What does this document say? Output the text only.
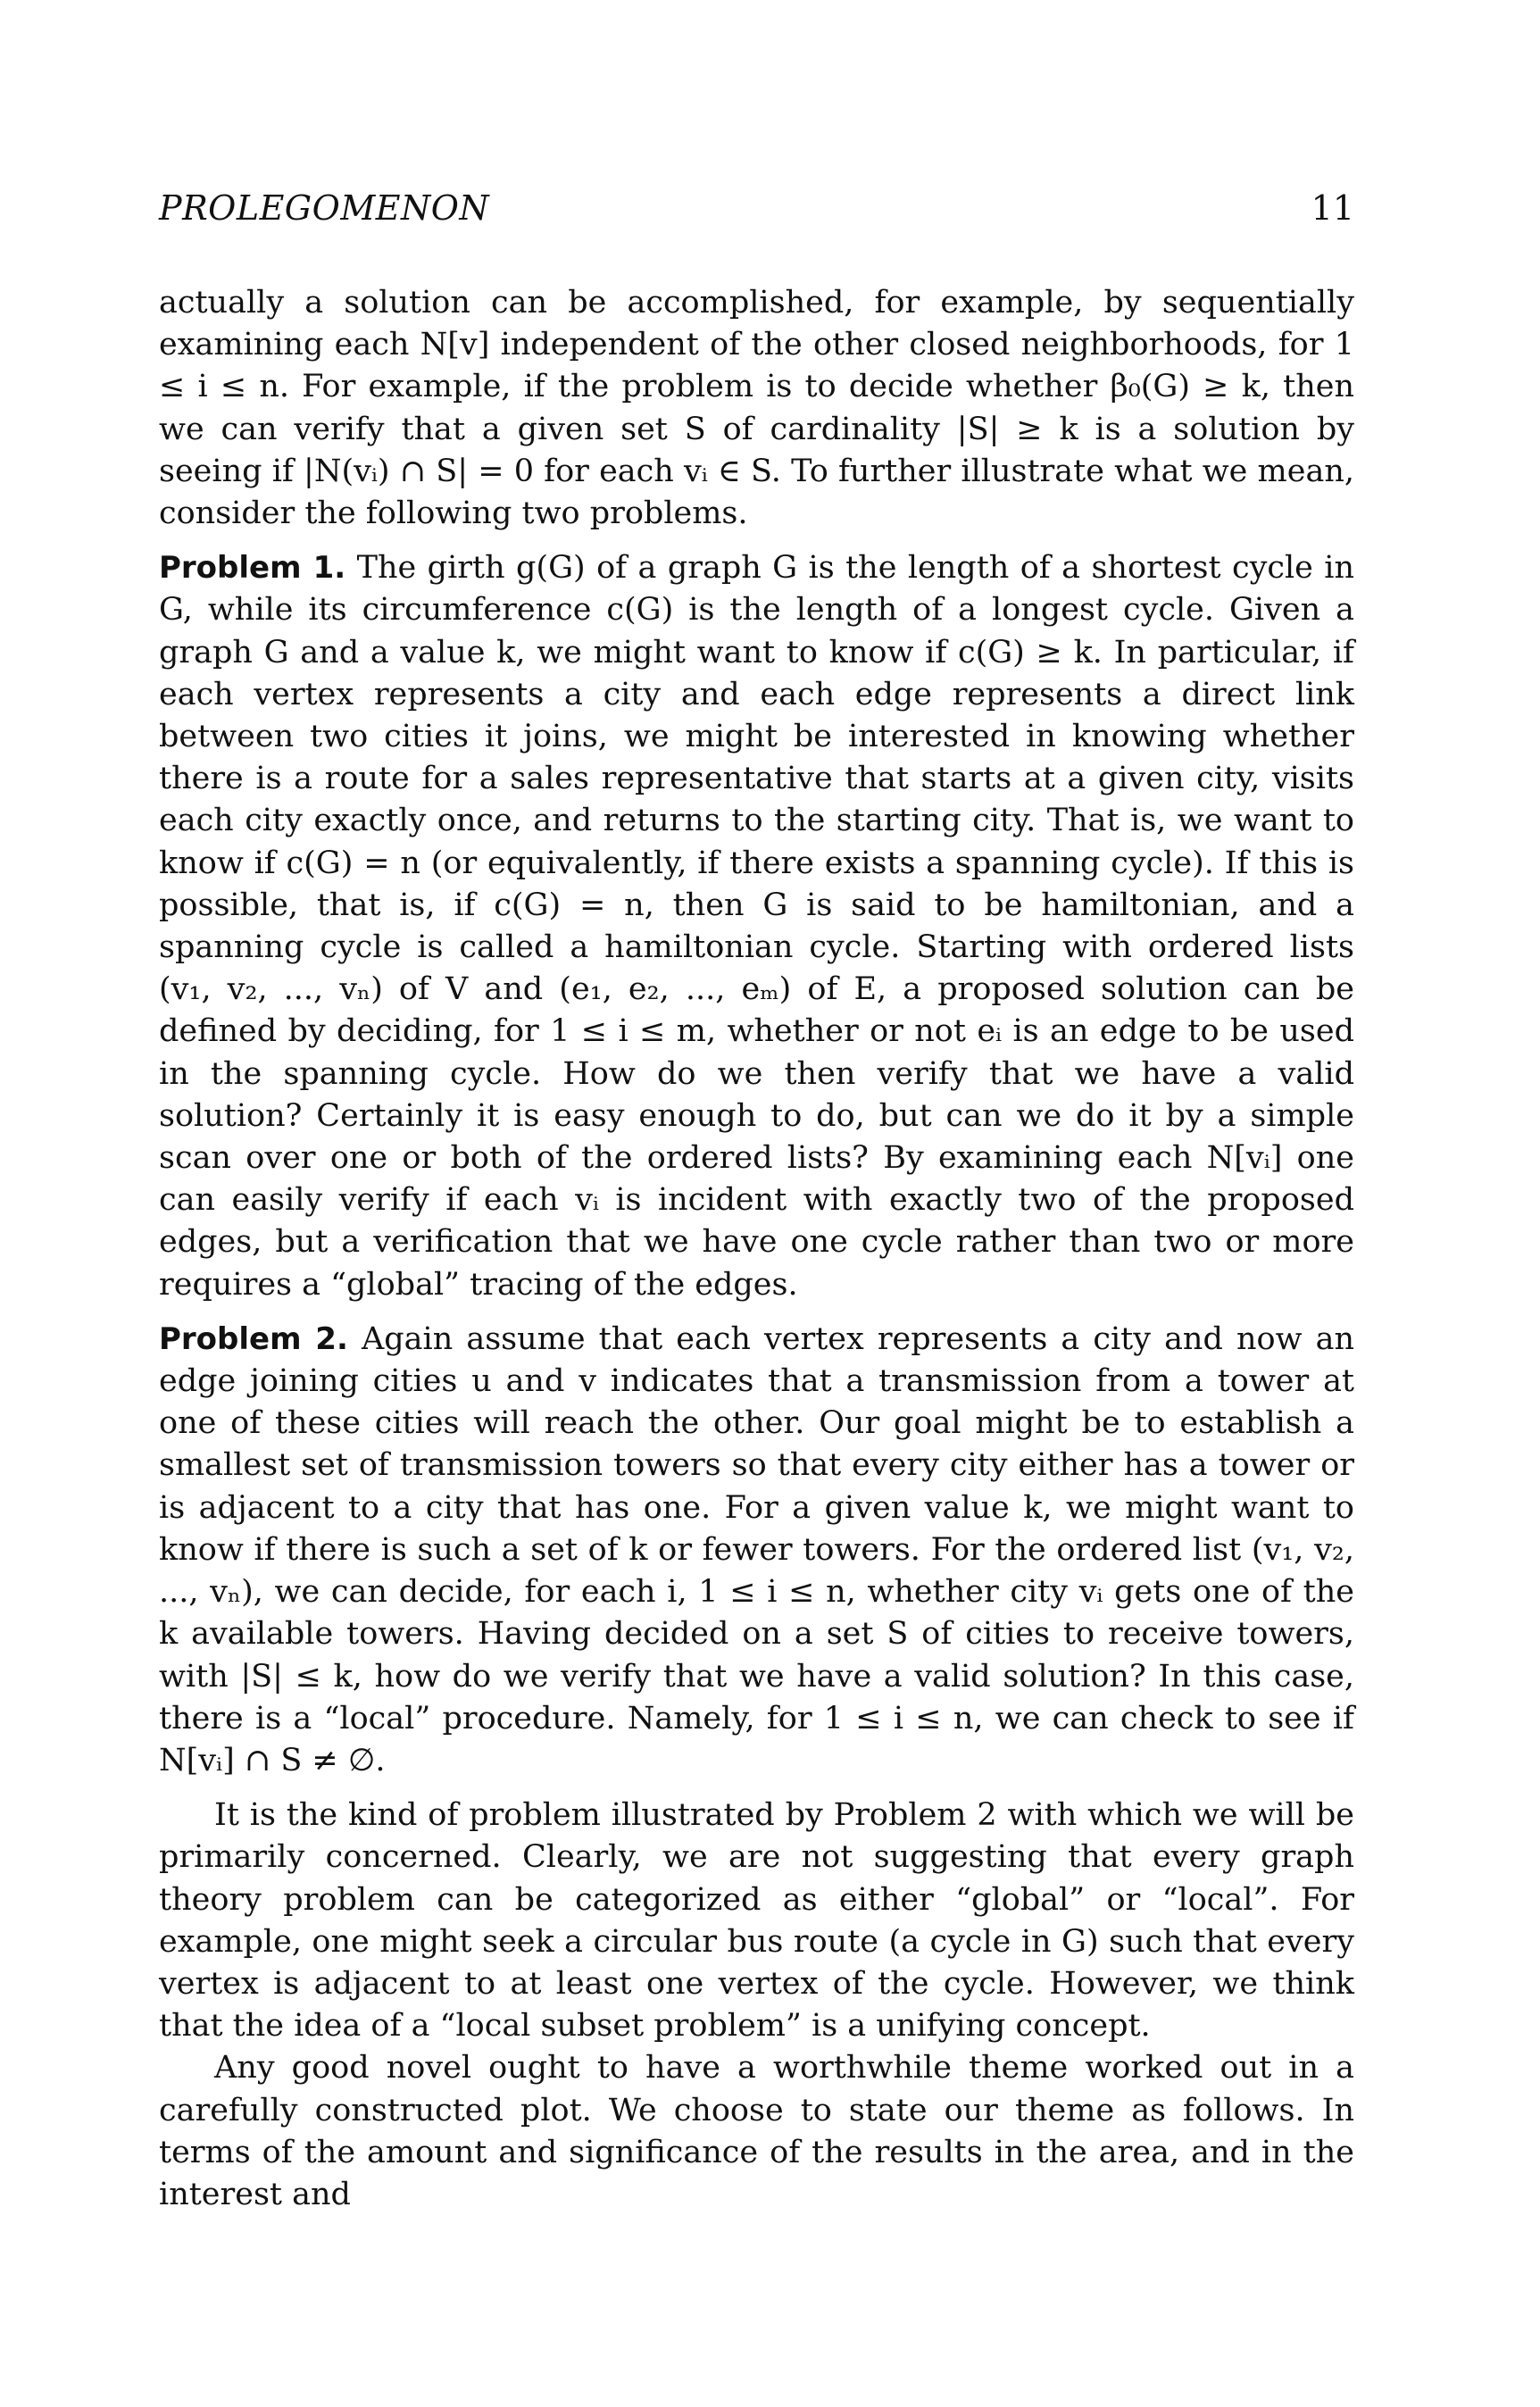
PROLEGOMENON	11

actually a solution can be accomplished, for example, by sequentially examining each N[v] independent of the other closed neighborhoods, for 1 ≤ i ≤ n. For example, if the problem is to decide whether β₀(G) ≥ k, then we can verify that a given set S of cardinality |S| ≥ k is a solution by seeing if |N(vᵢ) ∩ S| = 0 for each vᵢ ∈ S. To further illustrate what we mean, consider the following two problems.

Problem 1. The girth g(G) of a graph G is the length of a shortest cycle in G, while its circumference c(G) is the length of a longest cycle. Given a graph G and a value k, we might want to know if c(G) ≥ k. In particular, if each vertex represents a city and each edge represents a direct link between two cities it joins, we might be interested in knowing whether there is a route for a sales representative that starts at a given city, visits each city exactly once, and returns to the starting city. That is, we want to know if c(G) = n (or equivalently, if there exists a spanning cycle). If this is possible, that is, if c(G) = n, then G is said to be hamiltonian, and a spanning cycle is called a hamiltonian cycle. Starting with ordered lists (v₁, v₂, ..., vₙ) of V and (e₁, e₂, ..., eₘ) of E, a proposed solution can be defined by deciding, for 1 ≤ i ≤ m, whether or not eᵢ is an edge to be used in the spanning cycle. How do we then verify that we have a valid solution? Certainly it is easy enough to do, but can we do it by a simple scan over one or both of the ordered lists? By examining each N[vᵢ] one can easily verify if each vᵢ is incident with exactly two of the proposed edges, but a verification that we have one cycle rather than two or more requires a “global” tracing of the edges.

Problem 2. Again assume that each vertex represents a city and now an edge joining cities u and v indicates that a transmission from a tower at one of these cities will reach the other. Our goal might be to establish a smallest set of transmission towers so that every city either has a tower or is adjacent to a city that has one. For a given value k, we might want to know if there is such a set of k or fewer towers. For the ordered list (v₁, v₂, ..., vₙ), we can decide, for each i, 1 ≤ i ≤ n, whether city vᵢ gets one of the k available towers. Having decided on a set S of cities to receive towers, with |S| ≤ k, how do we verify that we have a valid solution? In this case, there is a “local” procedure. Namely, for 1 ≤ i ≤ n, we can check to see if N[vᵢ] ∩ S ≠ ∅.

It is the kind of problem illustrated by Problem 2 with which we will be primarily concerned. Clearly, we are not suggesting that every graph theory problem can be categorized as either “global” or “local”. For example, one might seek a circular bus route (a cycle in G) such that every vertex is adjacent to at least one vertex of the cycle. However, we think that the idea of a “local subset problem” is a unifying concept.

Any good novel ought to have a worthwhile theme worked out in a carefully constructed plot. We choose to state our theme as follows. In terms of the amount and significance of the results in the area, and in the interest and
